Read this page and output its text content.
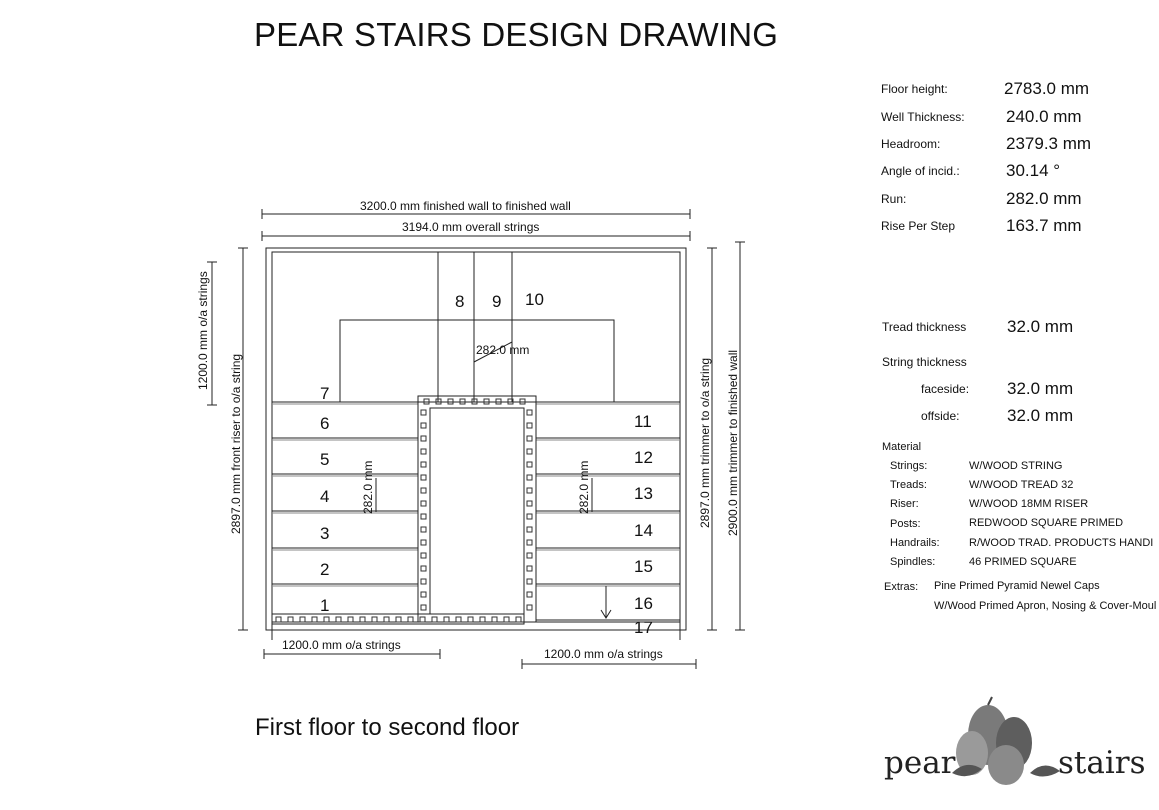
PEAR STAIRS DESIGN DRAWING
1
2
3
4
5
6
7
8 9 10
11
12
13
14
15
16
17
3200.0 mm finished wall to finished wall
3194.0 mm overall strings
1200.0 mm o/a strings
2897.0 mm front riser to o/a string	2897.0 mm trimmer to o/a string 2900.0 mm trimmer to finished wall
1200.0 mm o/a strings
1200.0 mm o/a strings
282.0 mm
282.0 mm	282.0 mm
Floor height:	2783.0 mm
Well Thickness: 240.0 mm
Headroom:	2379.3 mm
Angle of incid.:	30.14 °
Run:	282.0 mm
Rise Per Step	163.7 mm
Tread thickness 32.0 mm
String thickness
faceside: 32.0 mm
offside:	32.0 mm
Material
Strings:	W/WOOD STRING
Treads:	W/WOOD TREAD 32
Riser:	W/WOOD 18MM RISER
Posts:	REDWOOD SQUARE PRIMED
Handrails:	R/WOOD TRAD. PRODUCTS HANDI
Spindles:	46 PRIMED SQUARE
Extras: Pine Primed Pyramid Newel Caps
W/Wood Primed Apron, Nosing & Cover-Moul
First floor to second floor
pear	stairs
